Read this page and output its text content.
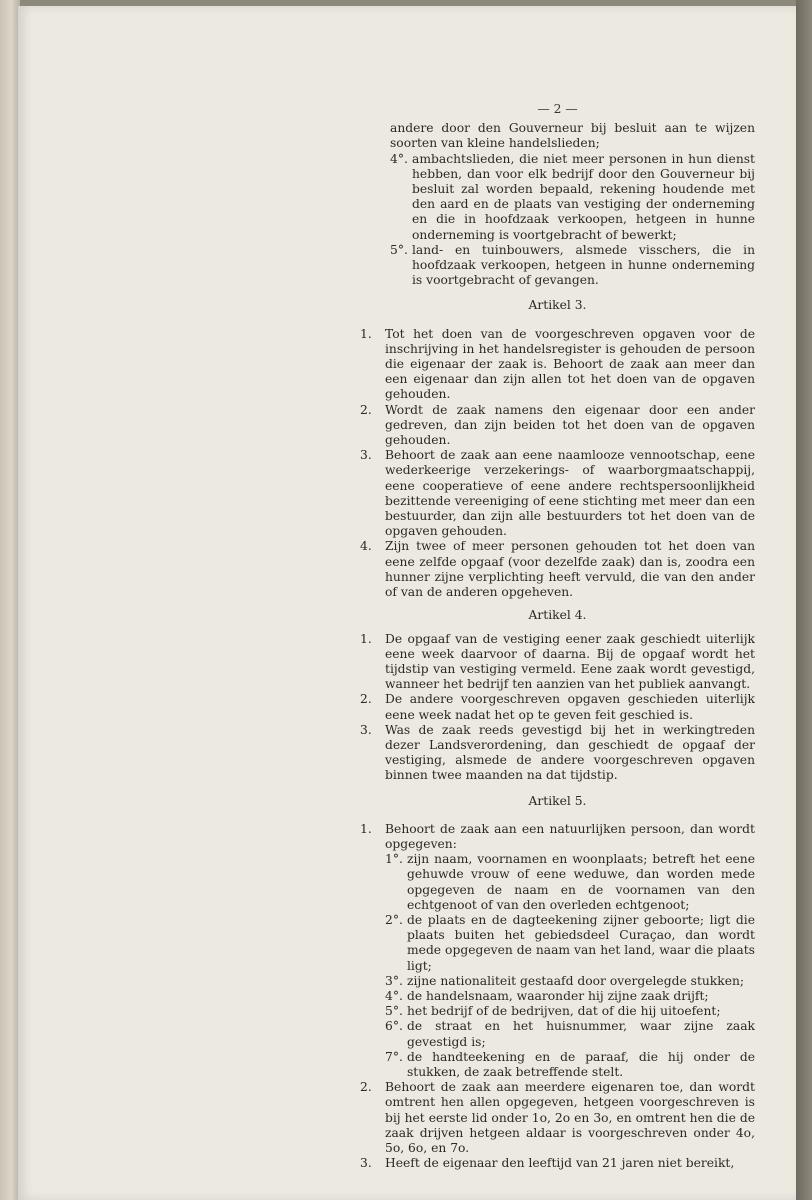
— 2 —
andere door den Gouverneur bij besluit aan te wijzen soorten van kleine handelslieden;
4°. ambachtslieden, die niet meer personen in hun dienst hebben, dan voor elk bedrijf door den Gouverneur bij besluit zal worden bepaald, rekening houdende met den aard en de plaats van vestiging der onderneming en die in hoofdzaak verkoopen, hetgeen in hunne onderneming is voortgebracht of bewerkt;
5°. land- en tuinbouwers, alsmede visschers, die in hoofdzaak verkoopen, hetgeen in hunne onderneming is voortgebracht of gevangen.
Artikel 3.
1.	Tot het doen van de voorgeschreven opgaven voor de inschrijving in het handelsregister is gehouden de persoon die eigenaar der zaak is. Behoort de zaak aan meer dan een eigenaar dan zijn allen tot het doen van de opgaven gehouden.
2.	Wordt de zaak namens den eigenaar door een ander gedreven, dan zijn beiden tot het doen van de opgaven gehouden.
3.	Behoort de zaak aan eene naamlooze vennootschap, eene wederkeerige verzekerings- of waarborgmaatschappij, eene cooperatieve of eene andere rechtspersoonlijkheid bezittende vereeniging of eene stichting met meer dan een bestuurder, dan zijn alle bestuurders tot het doen van de opgaven gehouden.
4.	Zijn twee of meer personen gehouden tot het doen van eene zelfde opgaaf (voor dezelfde zaak) dan is, zoodra een hunner zijne verplichting heeft vervuld, die van den ander of van de anderen opgeheven.
Artikel 4.
1.	De opgaaf van de vestiging eener zaak geschiedt uiterlijk eene week daarvoor of daarna. Bij de opgaaf wordt het tijdstip van vestiging vermeld. Eene zaak wordt gevestigd, wanneer het bedrijf ten aanzien van het publiek aanvangt.
2.	De andere voorgeschreven opgaven geschieden uiterlijk eene week nadat het op te geven feit geschied is.
3.	Was de zaak reeds gevestigd bij het in werkingtreden dezer Landsverordening, dan geschiedt de opgaaf der vestiging, alsmede de andere voorgeschreven opgaven binnen twee maanden na dat tijdstip.
Artikel 5.
1.	Behoort de zaak aan een natuurlijken persoon, dan wordt opgegeven:
1°. zijn naam, voornamen en woonplaats; betreft het eene gehuwde vrouw of eene weduwe, dan worden mede opgegeven de naam en de voornamen van den echtgenoot of van den overleden echtgenoot;
2°. de plaats en de dagteekening zijner geboorte; ligt die plaats buiten het gebiedsdeel Curaçao, dan wordt mede opgegeven de naam van het land, waar die plaats ligt;
3°. zijne nationaliteit gestaafd door overgelegde stukken;
4°. de handelsnaam, waaronder hij zijne zaak drijft;
5°. het bedrijf of de bedrijven, dat of die hij uitoefent;
6°. de straat en het huisnummer, waar zijne zaak gevestigd is;
7°. de handteekening en de paraaf, die hij onder de stukken, de zaak betreffende stelt.
2.	Behoort de zaak aan meerdere eigenaren toe, dan wordt omtrent hen allen opgegeven, hetgeen voorgeschreven is bij het eerste lid onder 1o, 2o en 3o, en omtrent hen die de zaak drijven hetgeen aldaar is voorgeschreven onder 4o, 5o, 6o, en 7o.
3.	Heeft de eigenaar den leeftijd van 21 jaren niet bereikt,
